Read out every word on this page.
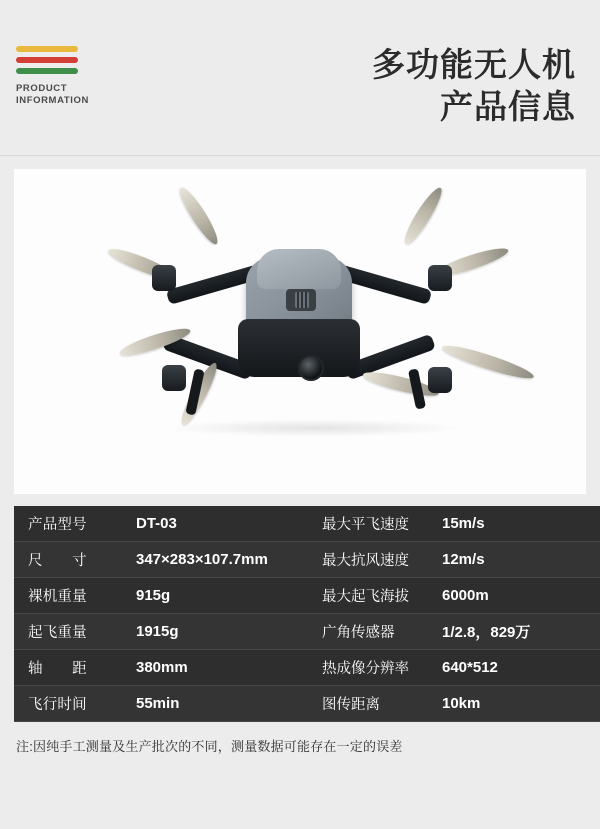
PRODUCT
INFORMATION
多功能无人机
产品信息
产品型号	DT-03	最大平飞速度	15m/s
尺　　寸	347×283×107.7mm	最大抗风速度	12m/s
裸机重量	915g	最大起飞海拔	6000m
起飞重量	1915g	广角传感器	1/2.8，829万
轴　　距	380mm	热成像分辨率	640*512
飞行时间	55min	图传距离	10km
注:因纯手工测量及生产批次的不同，测量数据可能存在一定的误差
